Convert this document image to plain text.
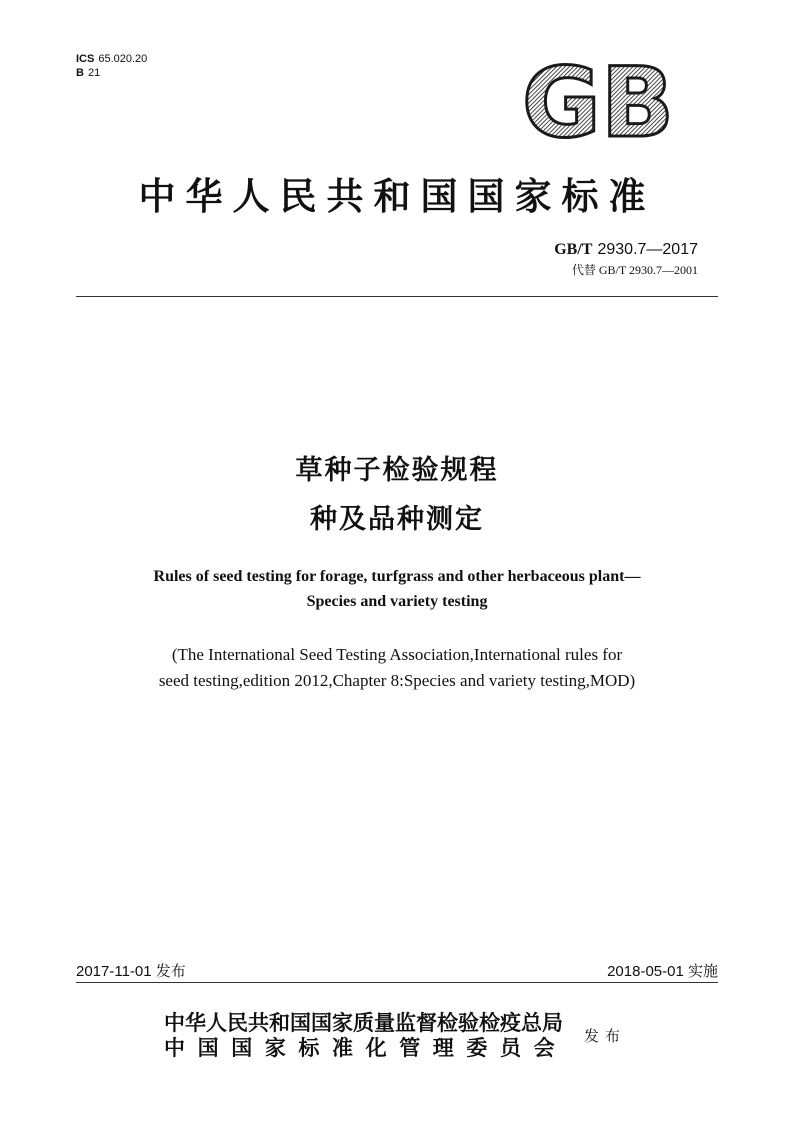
ICS 65.020.20
B 21	GB
中华人民共和国国家标准
GB/T 2930.7—2017
代替 GB/T 2930.7—2001
草种子检验规程
种及品种测定
Rules of seed testing for forage, turfgrass and other herbaceous plant—
Species and variety testing
(The International Seed Testing Association,International rules for
seed testing,edition 2012,Chapter 8:Species and variety testing,MOD)
2017-11-01 发布	2018-05-01 实施
中华人民共和国国家质量监督检验检疫总局
中国国家标准化管理委员会 发布
